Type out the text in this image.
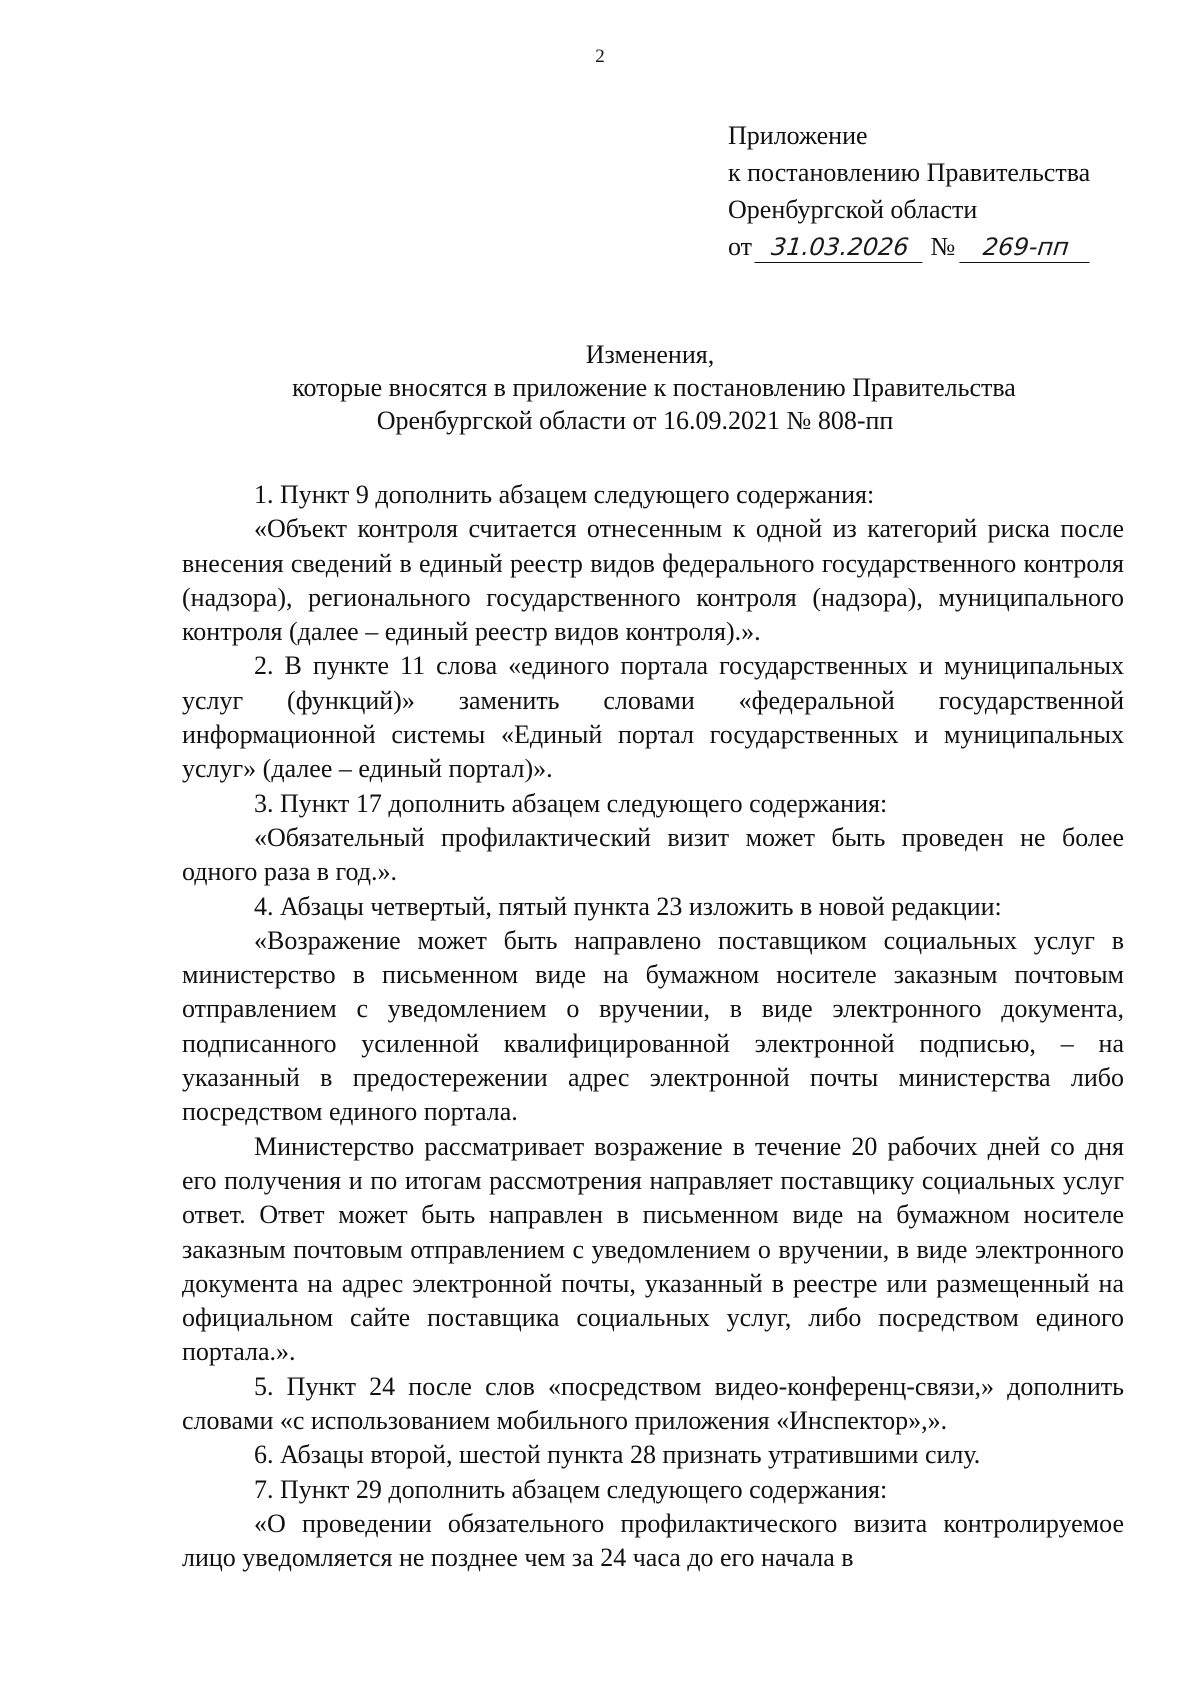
2
Приложение
к постановлению Правительства
Оренбургской области
от 31.03.2026 № 269-пп
Изменения,
которые вносятся в приложение к постановлению Правительства
Оренбургской области от 16.09.2021 № 808-пп

1. Пункт 9 дополнить абзацем следующего содержания:

«Объект контроля считается отнесенным к одной из категорий риска после внесения сведений в единый реестр видов федерального государственного контроля (надзора), регионального государственного контроля (надзора), муниципального контроля (далее – единый реестр видов контроля).».

2. В пункте 11 слова «единого портала государственных и муниципальных услуг (функций)» заменить словами «федеральной государственной информационной системы «Единый портал государственных и муниципальных услуг» (далее – единый портал)».

3. Пункт 17 дополнить абзацем следующего содержания:

«Обязательный профилактический визит может быть проведен не более одного раза в год.».

4. Абзацы четвертый, пятый пункта 23 изложить в новой редакции:

«Возражение может быть направлено поставщиком социальных услуг в министерство в письменном виде на бумажном носителе заказным почтовым отправлением с уведомлением о вручении, в виде электронного документа, подписанного усиленной квалифицированной электронной подписью, – на указанный в предостережении адрес электронной почты министерства либо посредством единого портала.

Министерство рассматривает возражение в течение 20 рабочих дней со дня его получения и по итогам рассмотрения направляет поставщику социальных услуг ответ. Ответ может быть направлен в письменном виде на бумажном носителе заказным почтовым отправлением с уведомлением о вручении, в виде электронного документа на адрес электронной почты, указанный в реестре или размещенный на официальном сайте поставщика социальных услуг, либо посредством единого портала.».

5. Пункт 24 после слов «посредством видео-конференц-связи,» дополнить словами «с использованием мобильного приложения «Инспектор»,».

6. Абзацы второй, шестой пункта 28 признать утратившими силу.

7. Пункт 29 дополнить абзацем следующего содержания:

«О проведении обязательного профилактического визита контролируемое лицо уведомляется не позднее чем за 24 часа до его начала в
